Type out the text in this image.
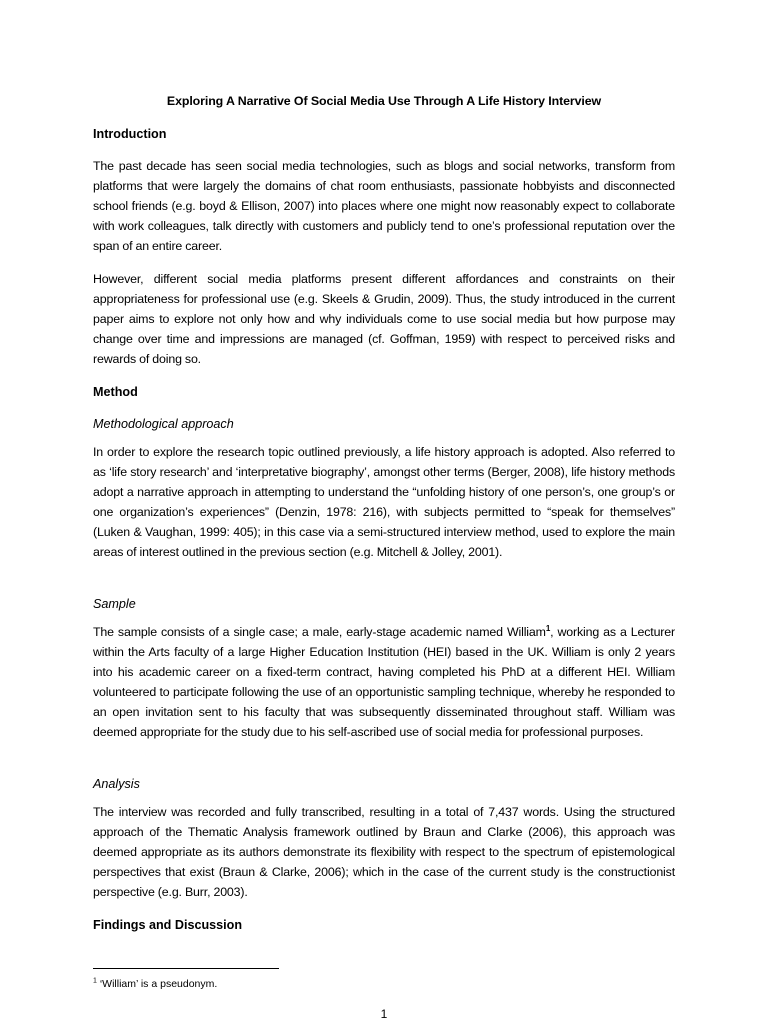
Exploring A Narrative Of Social Media Use Through A Life History Interview
Introduction

The past decade has seen social media technologies, such as blogs and social networks, transform from platforms that were largely the domains of chat room enthusiasts, passionate hobbyists and disconnected school friends (e.g. boyd & Ellison, 2007) into places where one might now reasonably expect to collaborate with work colleagues, talk directly with customers and publicly tend to one’s professional reputation over the span of an entire career.

However, different social media platforms present different affordances and constraints on their appropriateness for professional use (e.g. Skeels & Grudin, 2009). Thus, the study introduced in the current paper aims to explore not only how and why individuals come to use social media but how purpose may change over time and impressions are managed (cf. Goffman, 1959) with respect to perceived risks and rewards of doing so.

Method
Methodological approach

In order to explore the research topic outlined previously, a life history approach is adopted. Also referred to as ‘life story research’ and ‘interpretative biography’, amongst other terms (Berger, 2008), life history methods adopt a narrative approach in attempting to understand the “unfolding history of one person’s, one group’s or one organization’s experiences” (Denzin, 1978: 216), with subjects permitted to “speak for themselves” (Luken & Vaughan, 1999: 405); in this case via a semi-structured interview method, used to explore the main areas of interest outlined in the previous section (e.g. Mitchell & Jolley, 2001).

Sample

The sample consists of a single case; a male, early-stage academic named William$^1$, working as a Lecturer within the Arts faculty of a large Higher Education Institution (HEI) based in the UK. William is only 2 years into his academic career on a fixed-term contract, having completed his PhD at a different HEI. William volunteered to participate following the use of an opportunistic sampling technique, whereby he responded to an open invitation sent to his faculty that was subsequently disseminated throughout staff. William was deemed appropriate for the study due to his self-ascribed use of social media for professional purposes.

Analysis

The interview was recorded and fully transcribed, resulting in a total of 7,437 words. Using the structured approach of the Thematic Analysis framework outlined by Braun and Clarke (2006), this approach was deemed appropriate as its authors demonstrate its flexibility with respect to the spectrum of epistemological perspectives that exist (Braun & Clarke, 2006); which in the case of the current study is the constructionist perspective (e.g. Burr, 2003).

Findings and Discussion
$^1$ ‘William’ is a pseudonym.
1
